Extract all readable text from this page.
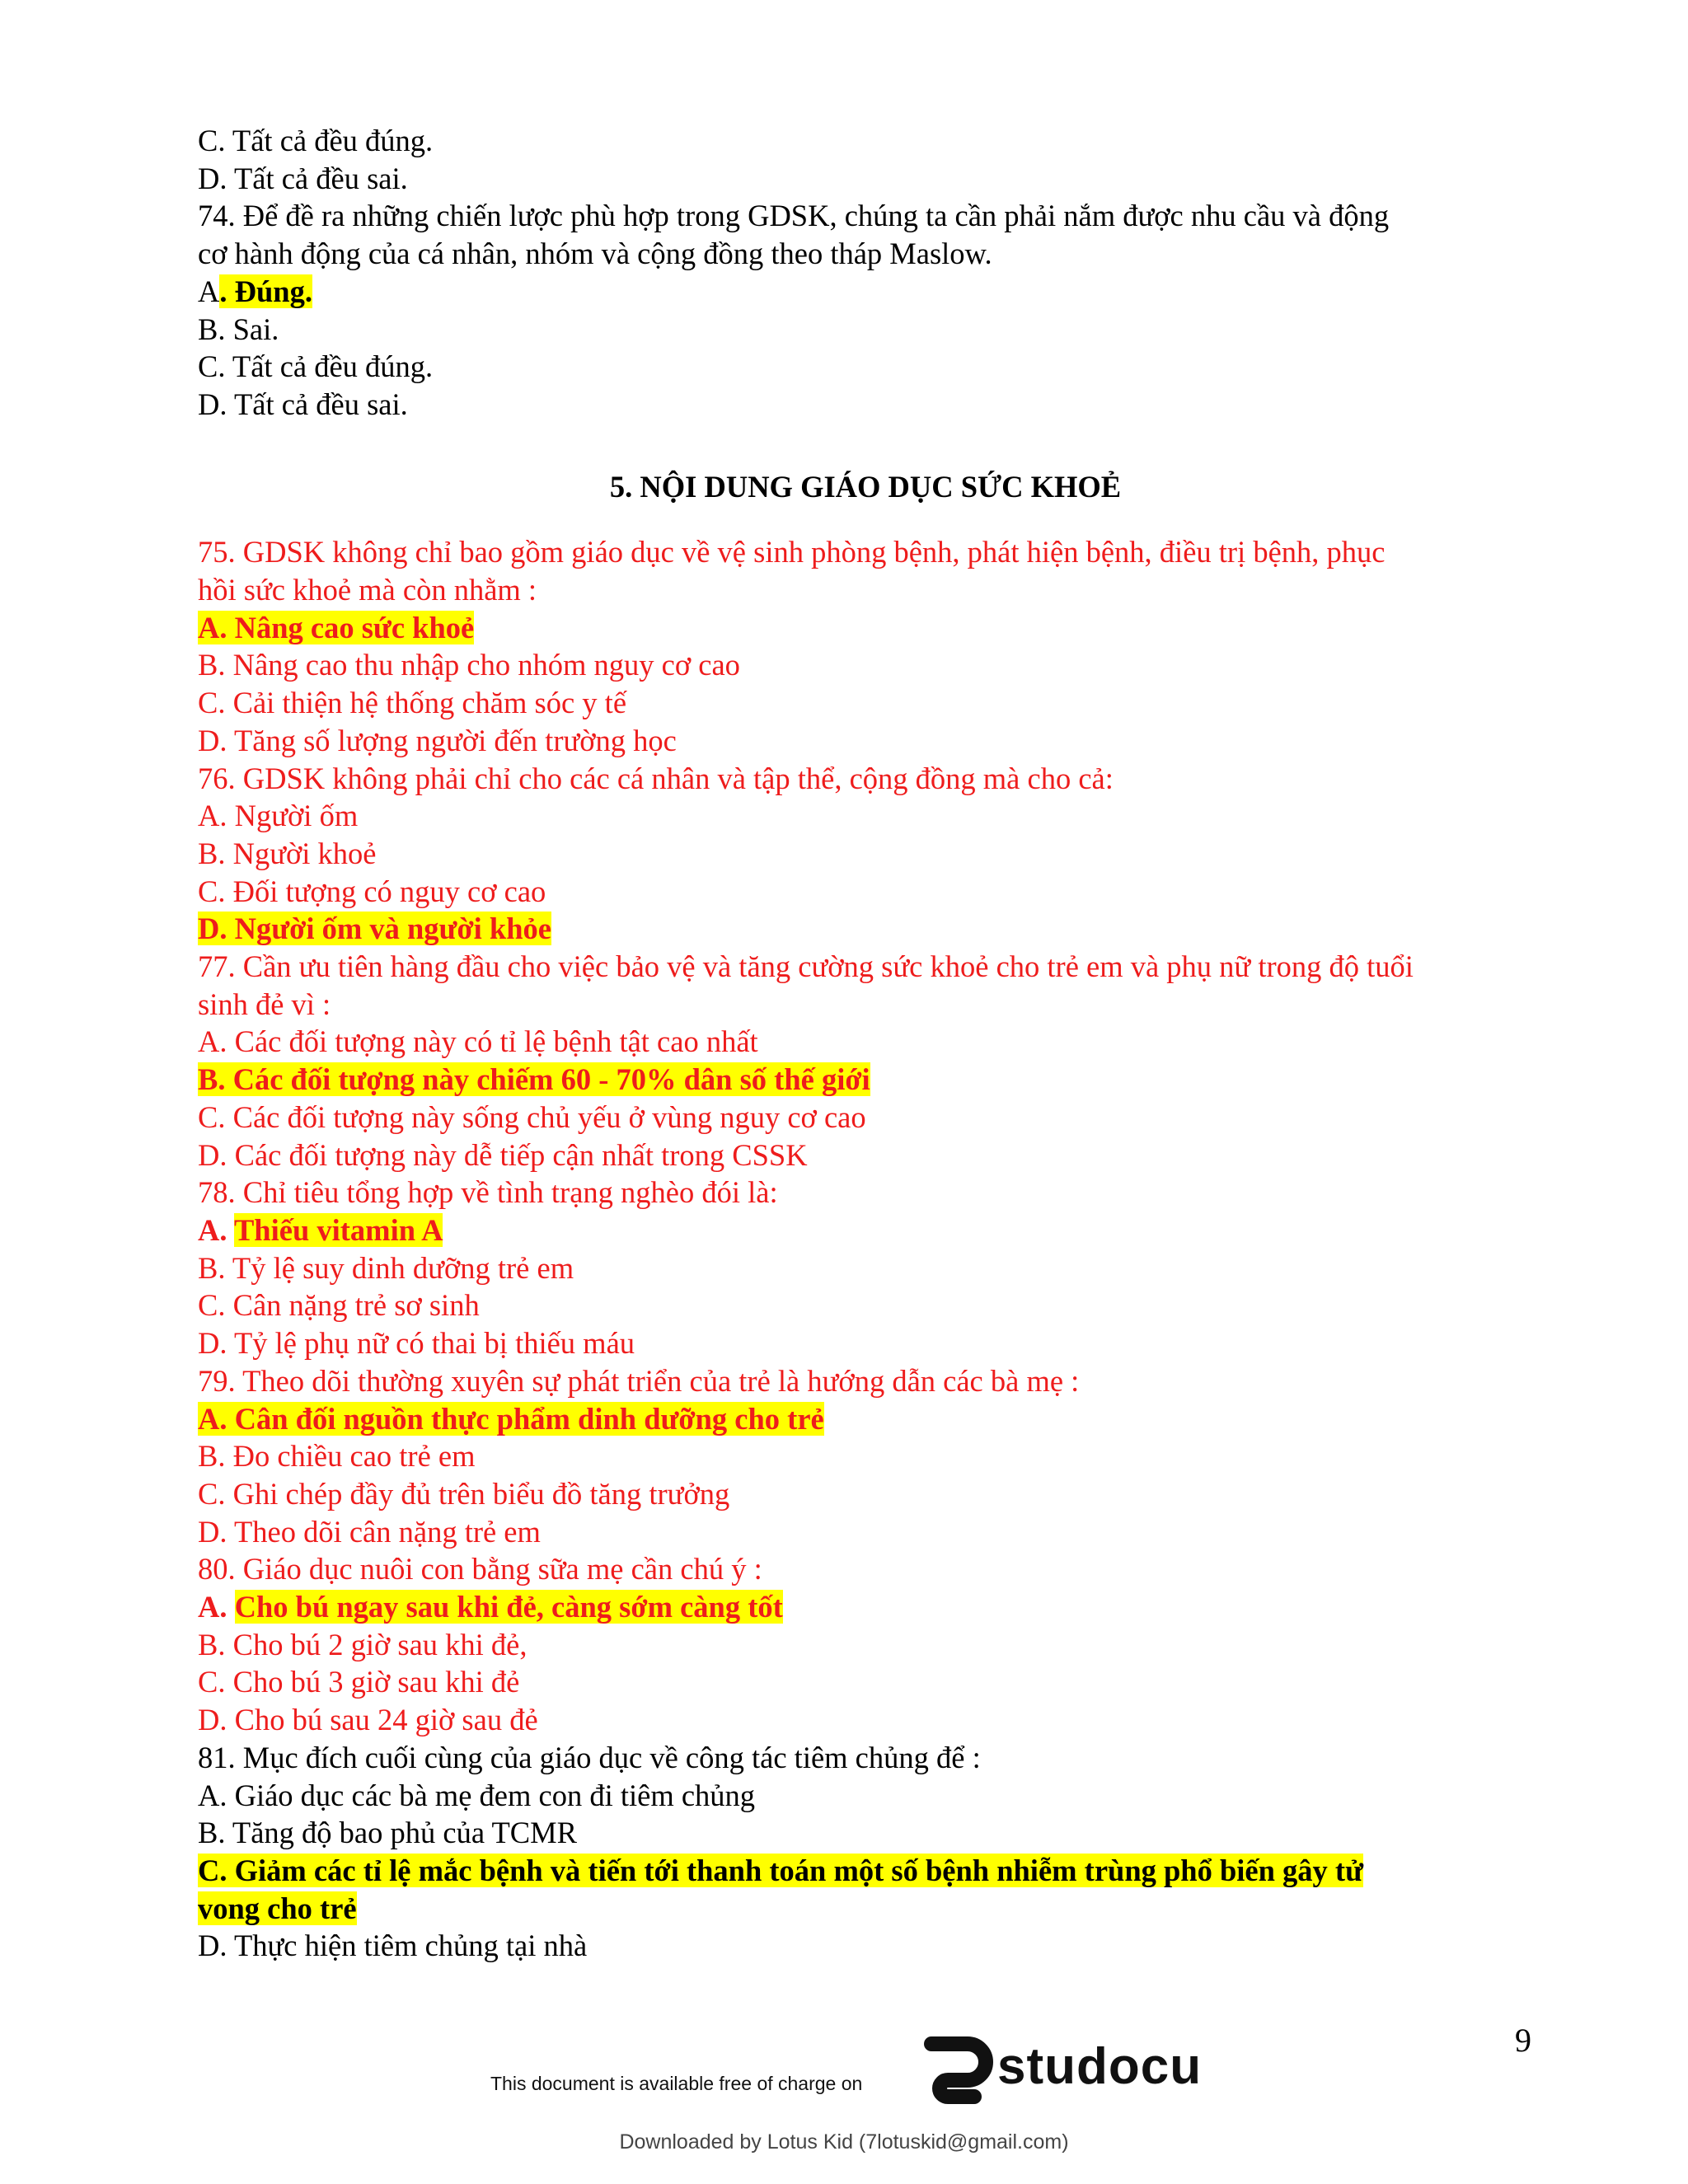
C. Tất cả đều đúng.
D. Tất cả đều sai.
74. Để đề ra những chiến lược phù hợp trong GDSK, chúng ta cần phải nắm được nhu cầu và động
cơ hành động của cá nhân, nhóm và cộng đồng theo tháp Maslow.
A. Đúng.
B. Sai.
C. Tất cả đều đúng.
D. Tất cả đều sai.
5. NỘI DUNG GIÁO DỤC SỨC KHOẺ
75. GDSK không chỉ bao gồm giáo dục về vệ sinh phòng bệnh, phát hiện bệnh, điều trị bệnh, phục
hồi sức khoẻ mà còn nhằm :
A. Nâng cao sức khoẻ
B. Nâng cao thu nhập cho nhóm nguy cơ cao
C. Cải thiện hệ thống chăm sóc y tế
D. Tăng số lượng người đến trường học
76. GDSK không phải chỉ cho các cá nhân và tập thể, cộng đồng mà cho cả:
A. Người ốm
B. Người khoẻ
C. Đối tượng có nguy cơ cao
D. Người ốm và người khỏe
77. Cần ưu tiên hàng đầu cho việc bảo vệ và tăng cường sức khoẻ cho trẻ em và phụ nữ trong độ tuổi
sinh đẻ vì :
A. Các đối tượng này có tỉ lệ bệnh tật cao nhất
B. Các đối tượng này chiếm 60 - 70% dân số thế giới
C. Các đối tượng này sống chủ yếu ở vùng nguy cơ cao
D. Các đối tượng này dễ tiếp cận nhất trong CSSK
78. Chỉ tiêu tổng hợp về tình trạng nghèo đói là:
A. Thiếu vitamin A
B. Tỷ lệ suy dinh dưỡng trẻ em
C. Cân nặng trẻ sơ sinh
D. Tỷ lệ phụ nữ có thai bị thiếu máu
79. Theo dõi thường xuyên sự phát triển của trẻ là hướng dẫn các bà mẹ :
A. Cân đối nguồn thực phẩm dinh dưỡng cho trẻ
B. Đo chiều cao trẻ em
C. Ghi chép đầy đủ trên biểu đồ tăng trưởng
D. Theo dõi cân nặng trẻ em
80. Giáo dục nuôi con bằng sữa mẹ cần chú ý :
A. Cho bú ngay sau khi đẻ, càng sớm càng tốt
B. Cho bú 2 giờ sau khi đẻ,
C. Cho bú 3 giờ sau khi đẻ
D. Cho bú sau 24 giờ sau đẻ
81. Mục đích cuối cùng của giáo dục về công tác tiêm chủng để :
A. Giáo dục các bà mẹ đem con đi tiêm chủng
B. Tăng độ bao phủ của TCMR
C. Giảm các tỉ lệ mắc bệnh và tiến tới thanh toán một số bệnh nhiễm trùng phổ biến gây tử
vong cho trẻ
D. Thực hiện tiêm chủng tại nhà
9
This document is available free of charge on	studocu
Downloaded by Lotus Kid (7lotuskid@gmail.com)
